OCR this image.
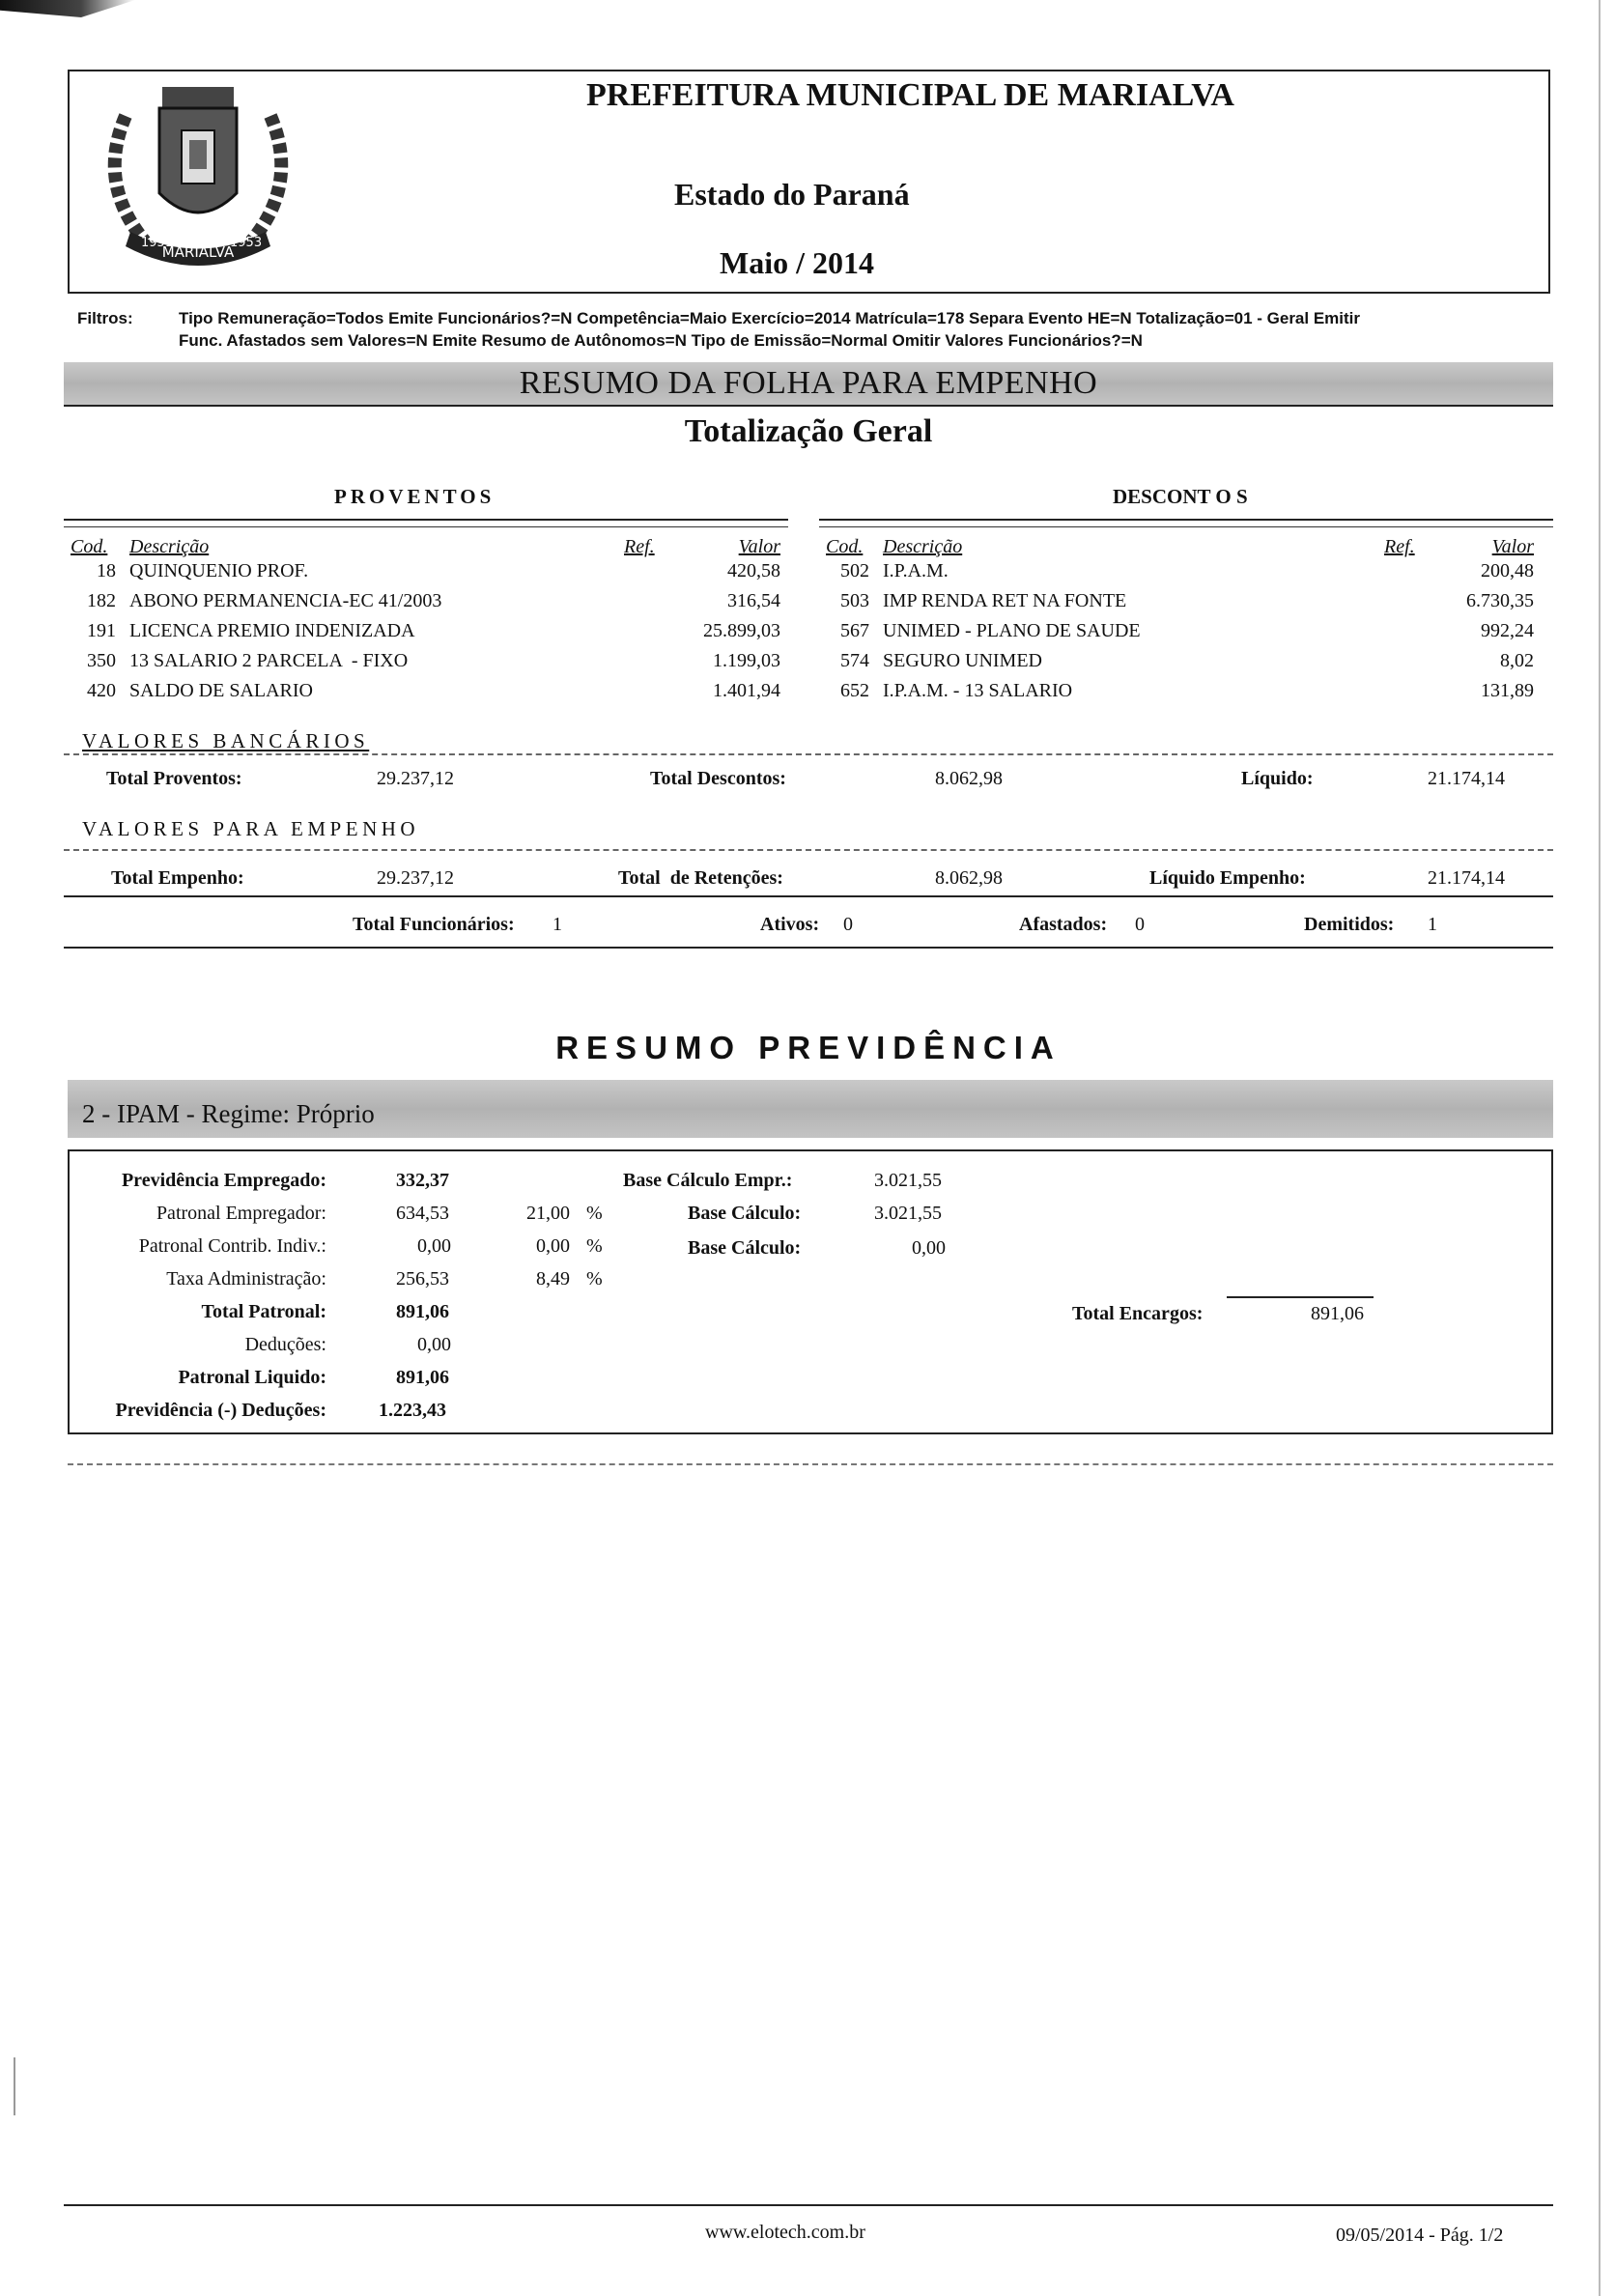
MARIALVA
1951	1953
PREFEITURA MUNICIPAL DE MARIALVA
Estado do Paraná
Maio / 2014
Filtros:	Tipo Remuneração=Todos Emite Funcionários?=N Competência=Maio Exercício=2014 Matrícula=178 Separa Evento HE=N Totalização=01 - Geral Emitir
Func. Afastados sem Valores=N Emite Resumo de Autônomos=N Tipo de Emissão=Normal Omitir Valores Funcionários?=N
RESUMO DA FOLHA PARA EMPENHO
Totalização Geral
PROVENTOS	DESCONT O S
Cod. Descrição	Ref.	Valor Cod. Descrição	Ref.	Valor
18 QUINQUENIO PROF.	420,58
182 ABONO PERMANENCIA-EC 41/2003	316,54
191 LICENCA PREMIO INDENIZADA	25.899,03
350 13 SALARIO 2 PARCELA  - FIXO	1.199,03
420 SALDO DE SALARIO	1.401,94
502 I.P.A.M.	200,48
503 IMP RENDA RET NA FONTE	6.730,35
567 UNIMED - PLANO DE SAUDE	992,24
574 SEGURO UNIMED	8,02
652 I.P.A.M. - 13 SALARIO	131,89
VALORES BANCÁRIOS
Total Proventos:	29.237,12	Total Descontos:	8.062,98	Líquido:	21.174,14
VALORES PARA EMPENHO
Total Empenho:	29.237,12	Total  de Retenções:	8.062,98	Líquido Empenho:	21.174,14
Total Funcionários: 1	Ativos: 0	Afastados: 0	Demitidos: 1
RESUMO PREVIDÊNCIA
2 - IPAM - Regime: Próprio
Previdência Empregado:	332,37
Patronal Empregador:	634,53	21,00 %
Patronal Contrib. Indiv.:	0,00	0,00 %
Taxa Administração:	256,53	8,49 %
Total Patronal:	891,06
Deduções:	0,00
Patronal Liquido:	891,06
Previdência (-) Deduções:	1.223,43
Base Cálculo Empr.:	3.021,55
Base Cálculo:	3.021,55
Base Cálculo:	0,00
Total Encargos:	891,06
www.elotech.com.br	09/05/2014 - Pág. 1/2
